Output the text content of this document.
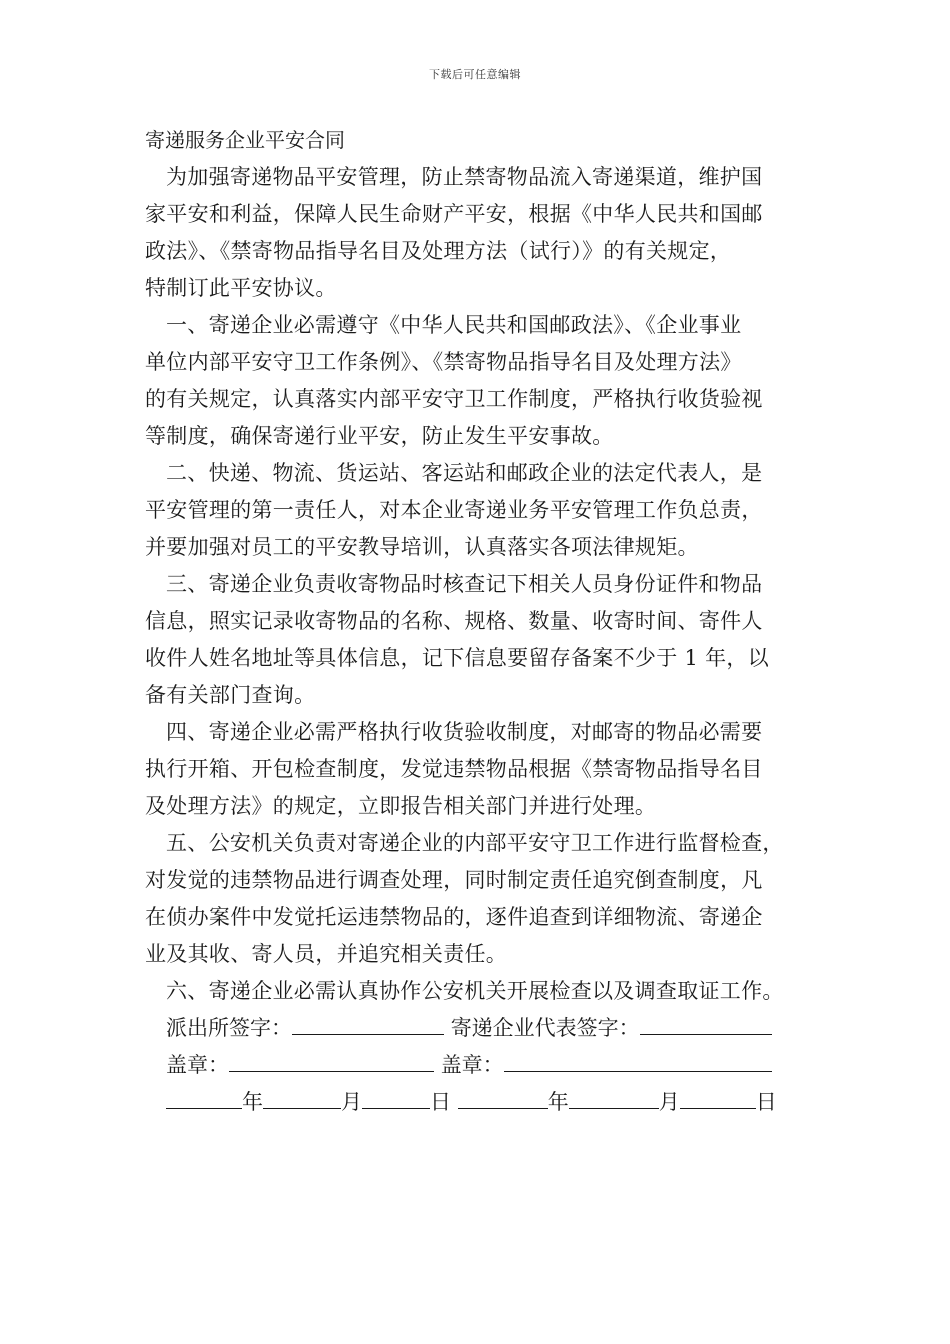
下载后可任意编辑
寄递服务企业平安合同
为加强寄递物品平安管理，防止禁寄物品流入寄递渠道，维护国
家平安和利益，保障人民生命财产平安，根据《中华人民共和国邮
政法》、《禁寄物品指导名目及处理方法（试行）》的有关规定，
特制订此平安协议。
一、寄递企业必需遵守《中华人民共和国邮政法》、《企业事业
单位内部平安守卫工作条例》、《禁寄物品指导名目及处理方法》
的有关规定，认真落实内部平安守卫工作制度，严格执行收货验视
等制度，确保寄递行业平安，防止发生平安事故。
二、快递、物流、货运站、客运站和邮政企业的法定代表人，是
平安管理的第一责任人，对本企业寄递业务平安管理工作负总责，
并要加强对员工的平安教导培训，认真落实各项法律规矩。
三、寄递企业负责收寄物品时核查记下相关人员身份证件和物品
信息，照实记录收寄物品的名称、规格、数量、收寄时间、寄件人
收件人姓名地址等具体信息，记下信息要留存备案不少于 1 年，以
备有关部门查询。
四、寄递企业必需严格执行收货验收制度，对邮寄的物品必需要
执行开箱、开包检查制度，发觉违禁物品根据《禁寄物品指导名目
及处理方法》的规定，立即报告相关部门并进行处理。
五、公安机关负责对寄递企业的内部平安守卫工作进行监督检查，
对发觉的违禁物品进行调查处理，同时制定责任追究倒查制度，凡
在侦办案件中发觉托运违禁物品的，逐件追查到详细物流、寄递企
业及其收、寄人员，并追究相关责任。
六、寄递企业必需认真协作公安机关开展检查以及调查取证工作。
派出所签字：	寄递企业代表签字：
盖章：	盖章：
年	月	日	年	月	日
